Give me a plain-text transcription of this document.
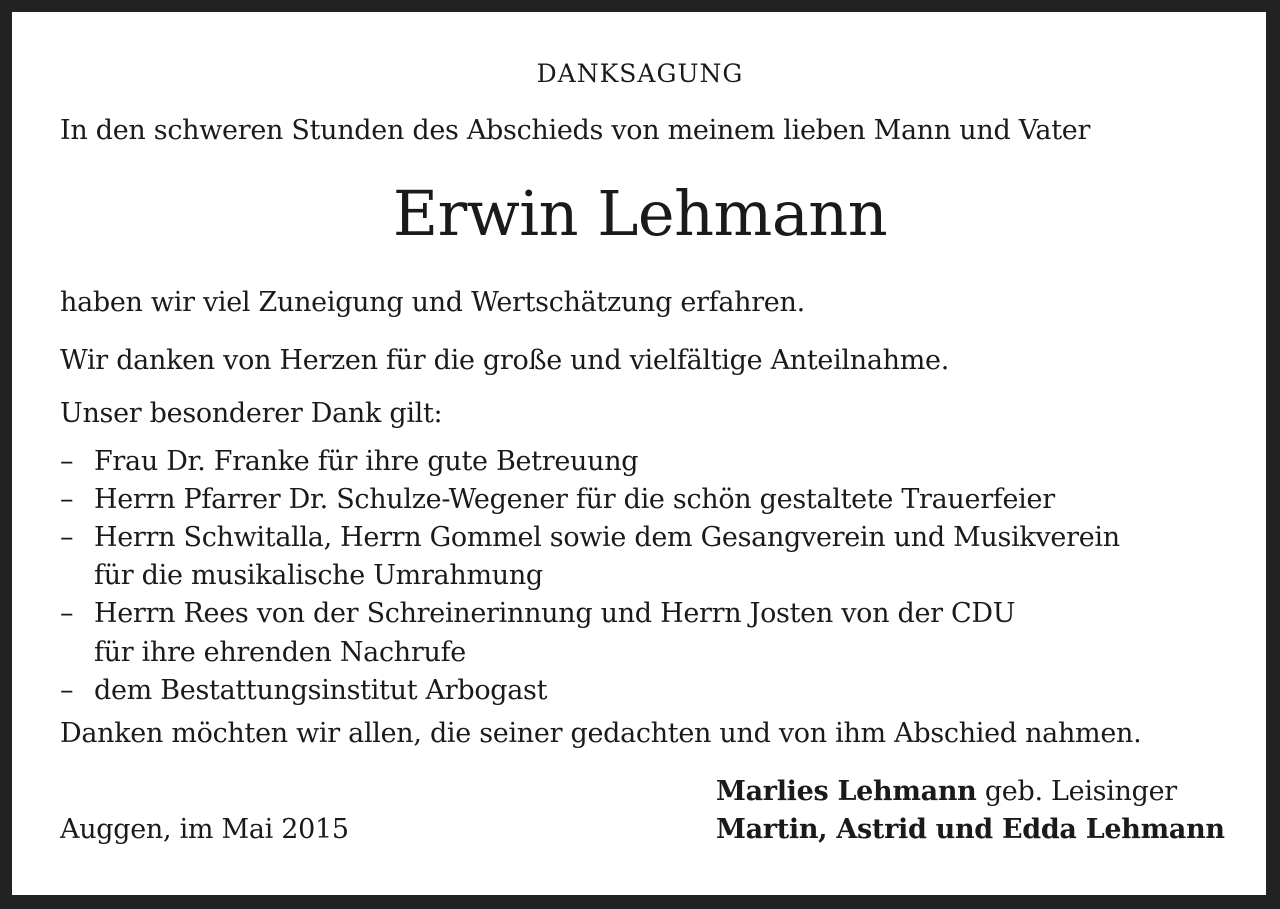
DANKSAGUNG
In den schweren Stunden des Abschieds von meinem lieben Mann und Vater
Erwin Lehmann
haben wir viel Zuneigung und Wertschätzung erfahren.
Wir danken von Herzen für die große und vielfältige Anteilnahme.
Unser besonderer Dank gilt:
– Frau Dr. Franke für ihre gute Betreuung
– Herrn Pfarrer Dr. Schulze-Wegener für die schön gestaltete Trauerfeier
– Herrn Schwitalla, Herrn Gommel sowie dem Gesangverein und Musikverein
für die musikalische Umrahmung
– Herrn Rees von der Schreinerinnung und Herrn Josten von der CDU
für ihre ehrenden Nachrufe
– dem Bestattungsinstitut Arbogast
Danken möchten wir allen, die seiner gedachten und von ihm Abschied nahmen.
Marlies Lehmann geb. Leisinger
Auggen, im Mai 2015	Martin, Astrid und Edda Lehmann
